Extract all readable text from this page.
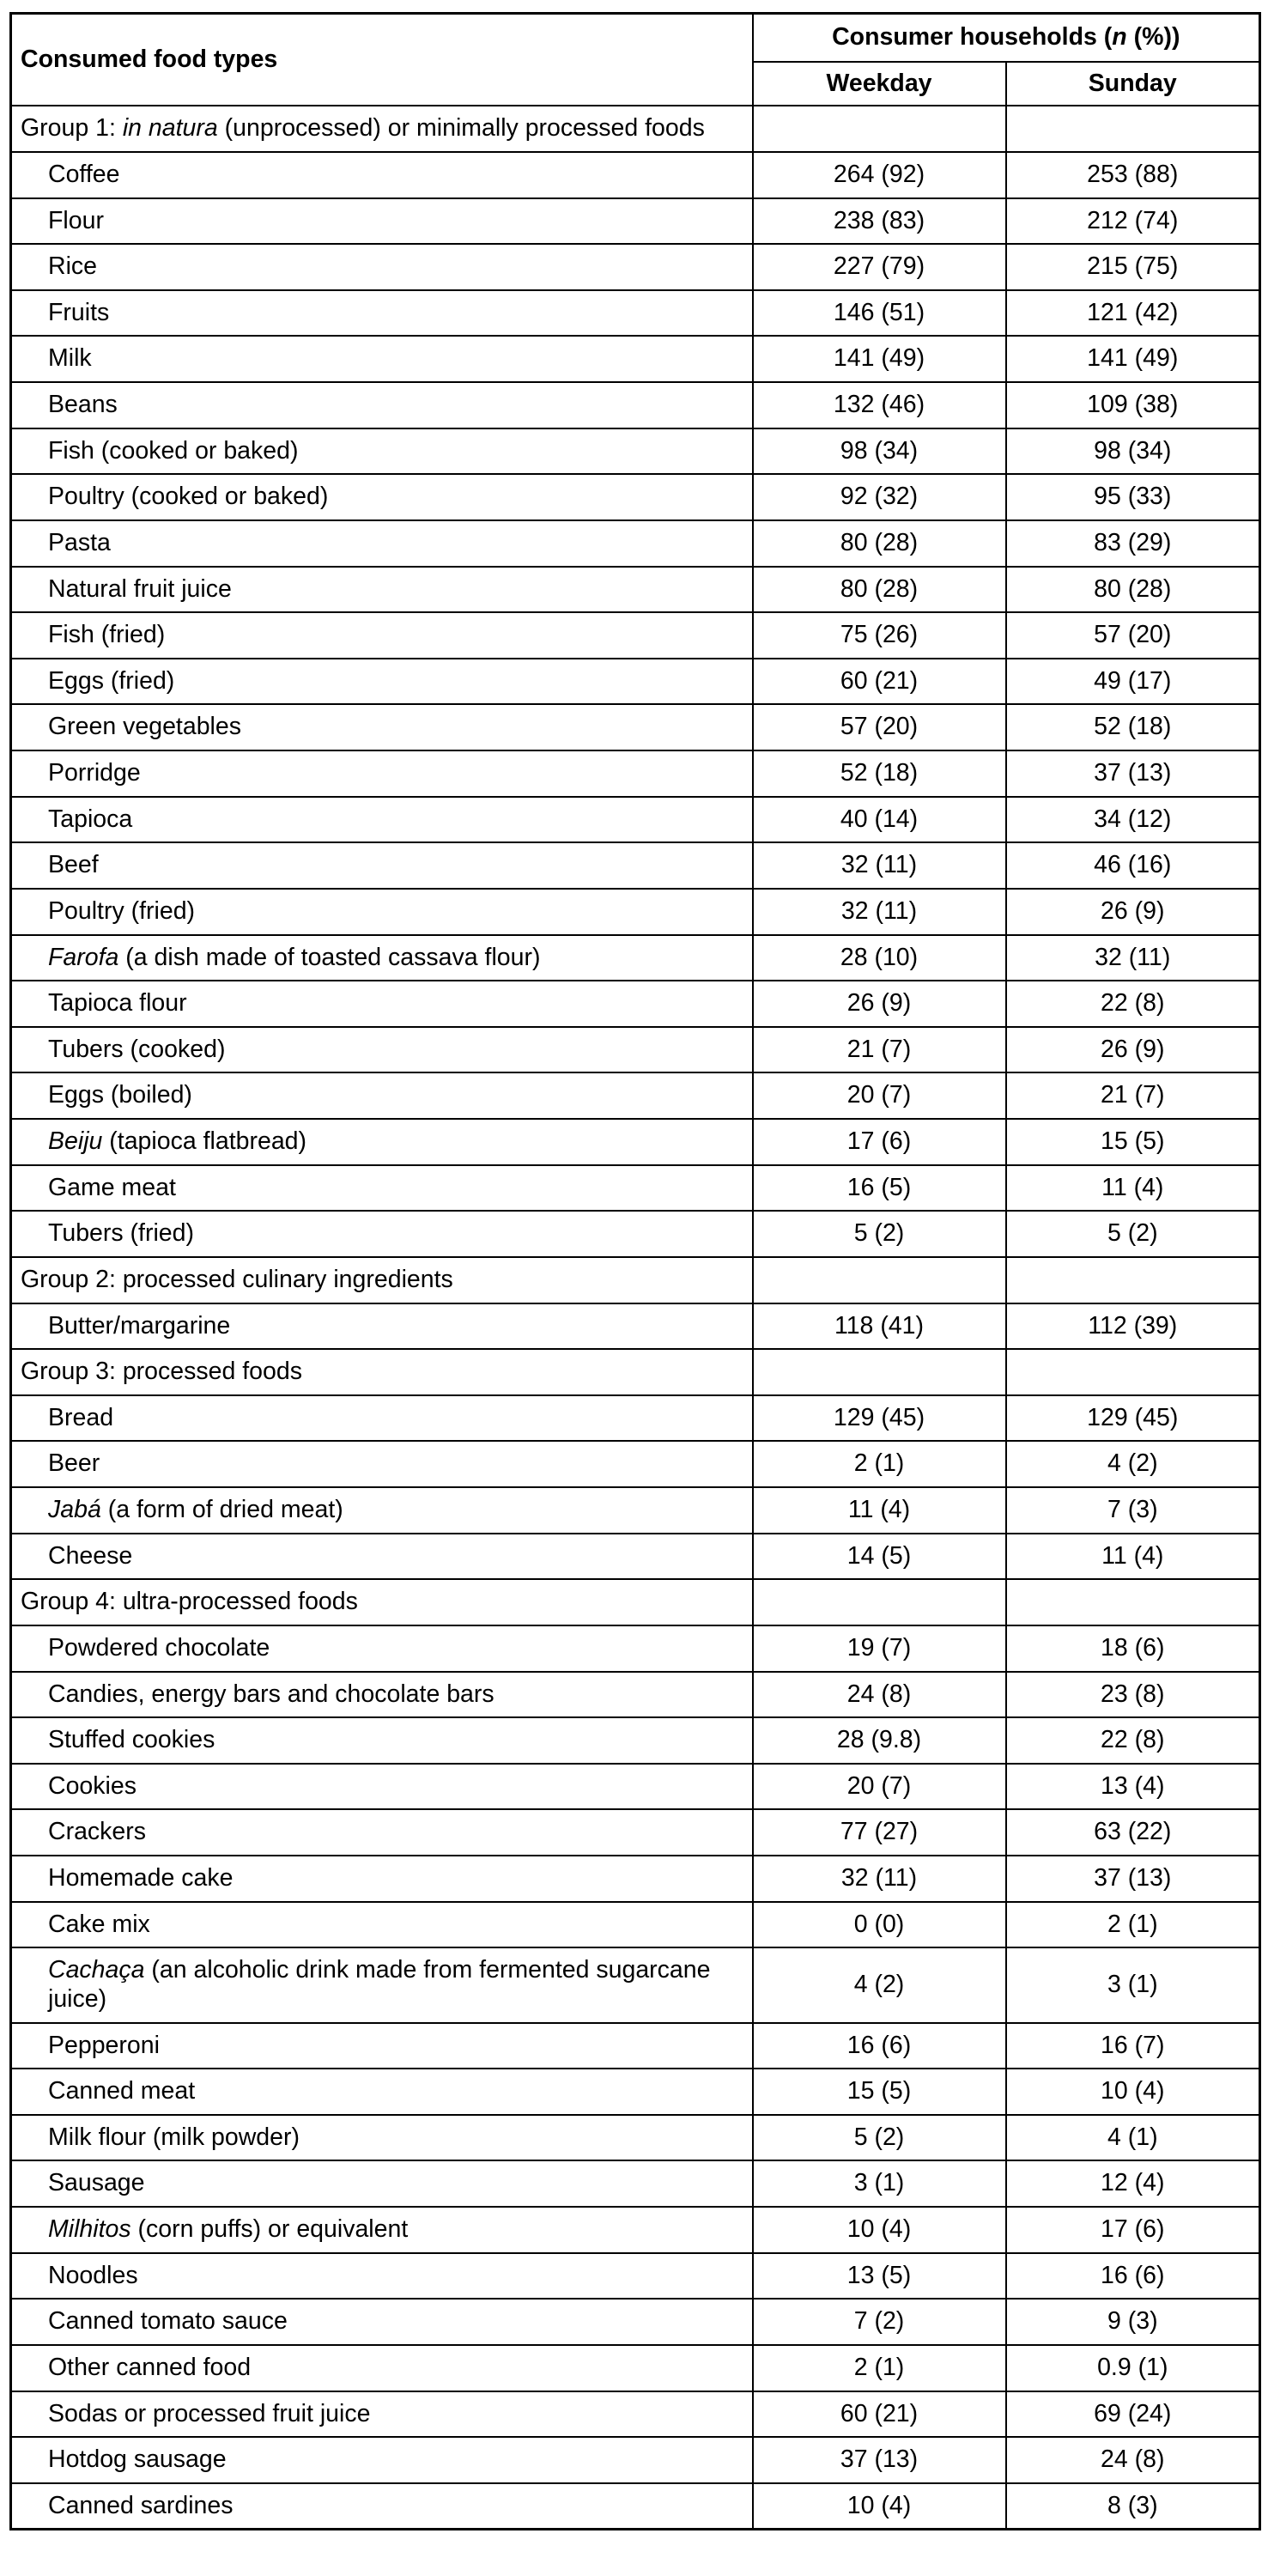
Consumed food types	Consumer households (n (%))	

	Weekday	Sunday

Group 1: in natura (unprocessed) or minimally processed foods		

Coffee	264 (92)	253 (88)

Flour	238 (83)	212 (74)

Rice	227 (79)	215 (75)

Fruits	146 (51)	121 (42)

Milk	141 (49)	141 (49)

Beans	132 (46)	109 (38)

Fish (cooked or baked)	98 (34)	98 (34)

Poultry (cooked or baked)	92 (32)	95 (33)

Pasta	80 (28)	83 (29)

Natural fruit juice	80 (28)	80 (28)

Fish (fried)	75 (26)	57 (20)

Eggs (fried)	60 (21)	49 (17)

Green vegetables	57 (20)	52 (18)

Porridge	52 (18)	37 (13)

Tapioca	40 (14)	34 (12)

Beef	32 (11)	46 (16)

Poultry (fried)	32 (11)	26 (9)

Farofa (a dish made of toasted cassava flour)	28 (10)	32 (11)

Tapioca flour	26 (9)	22 (8)

Tubers (cooked)	21 (7)	26 (9)

Eggs (boiled)	20 (7)	21 (7)

Beiju (tapioca flatbread)	17 (6)	15 (5)

Game meat	16 (5)	11 (4)

Tubers (fried)	5 (2)	5 (2)

Group 2: processed culinary ingredients		

Butter/margarine	118 (41)	112 (39)

Group 3: processed foods		

Bread	129 (45)	129 (45)

Beer	2 (1)	4 (2)

Jabá (a form of dried meat)	11 (4)	7 (3)

Cheese	14 (5)	11 (4)

Group 4: ultra-processed foods		

Powdered chocolate	19 (7)	18 (6)

Candies, energy bars and chocolate bars	24 (8)	23 (8)

Stuffed cookies	28 (9.8)	22 (8)

Cookies	20 (7)	13 (4)

Crackers	77 (27)	63 (22)

Homemade cake	32 (11)	37 (13)

Cake mix	0 (0)	2 (1)

Cachaça (an alcoholic drink made from fermented sugarcane juice)	4 (2)	3 (1)

Pepperoni	16 (6)	16 (7)

Canned meat	15 (5)	10 (4)

Milk flour (milk powder)	5 (2)	4 (1)

Sausage	3 (1)	12 (4)

Milhitos (corn puffs) or equivalent	10 (4)	17 (6)

Noodles	13 (5)	16 (6)

Canned tomato sauce	7 (2)	9 (3)

Other canned food	2 (1)	0.9 (1)

Sodas or processed fruit juice	60 (21)	69 (24)

Hotdog sausage	37 (13)	24 (8)

Canned sardines	10 (4)	8 (3)
